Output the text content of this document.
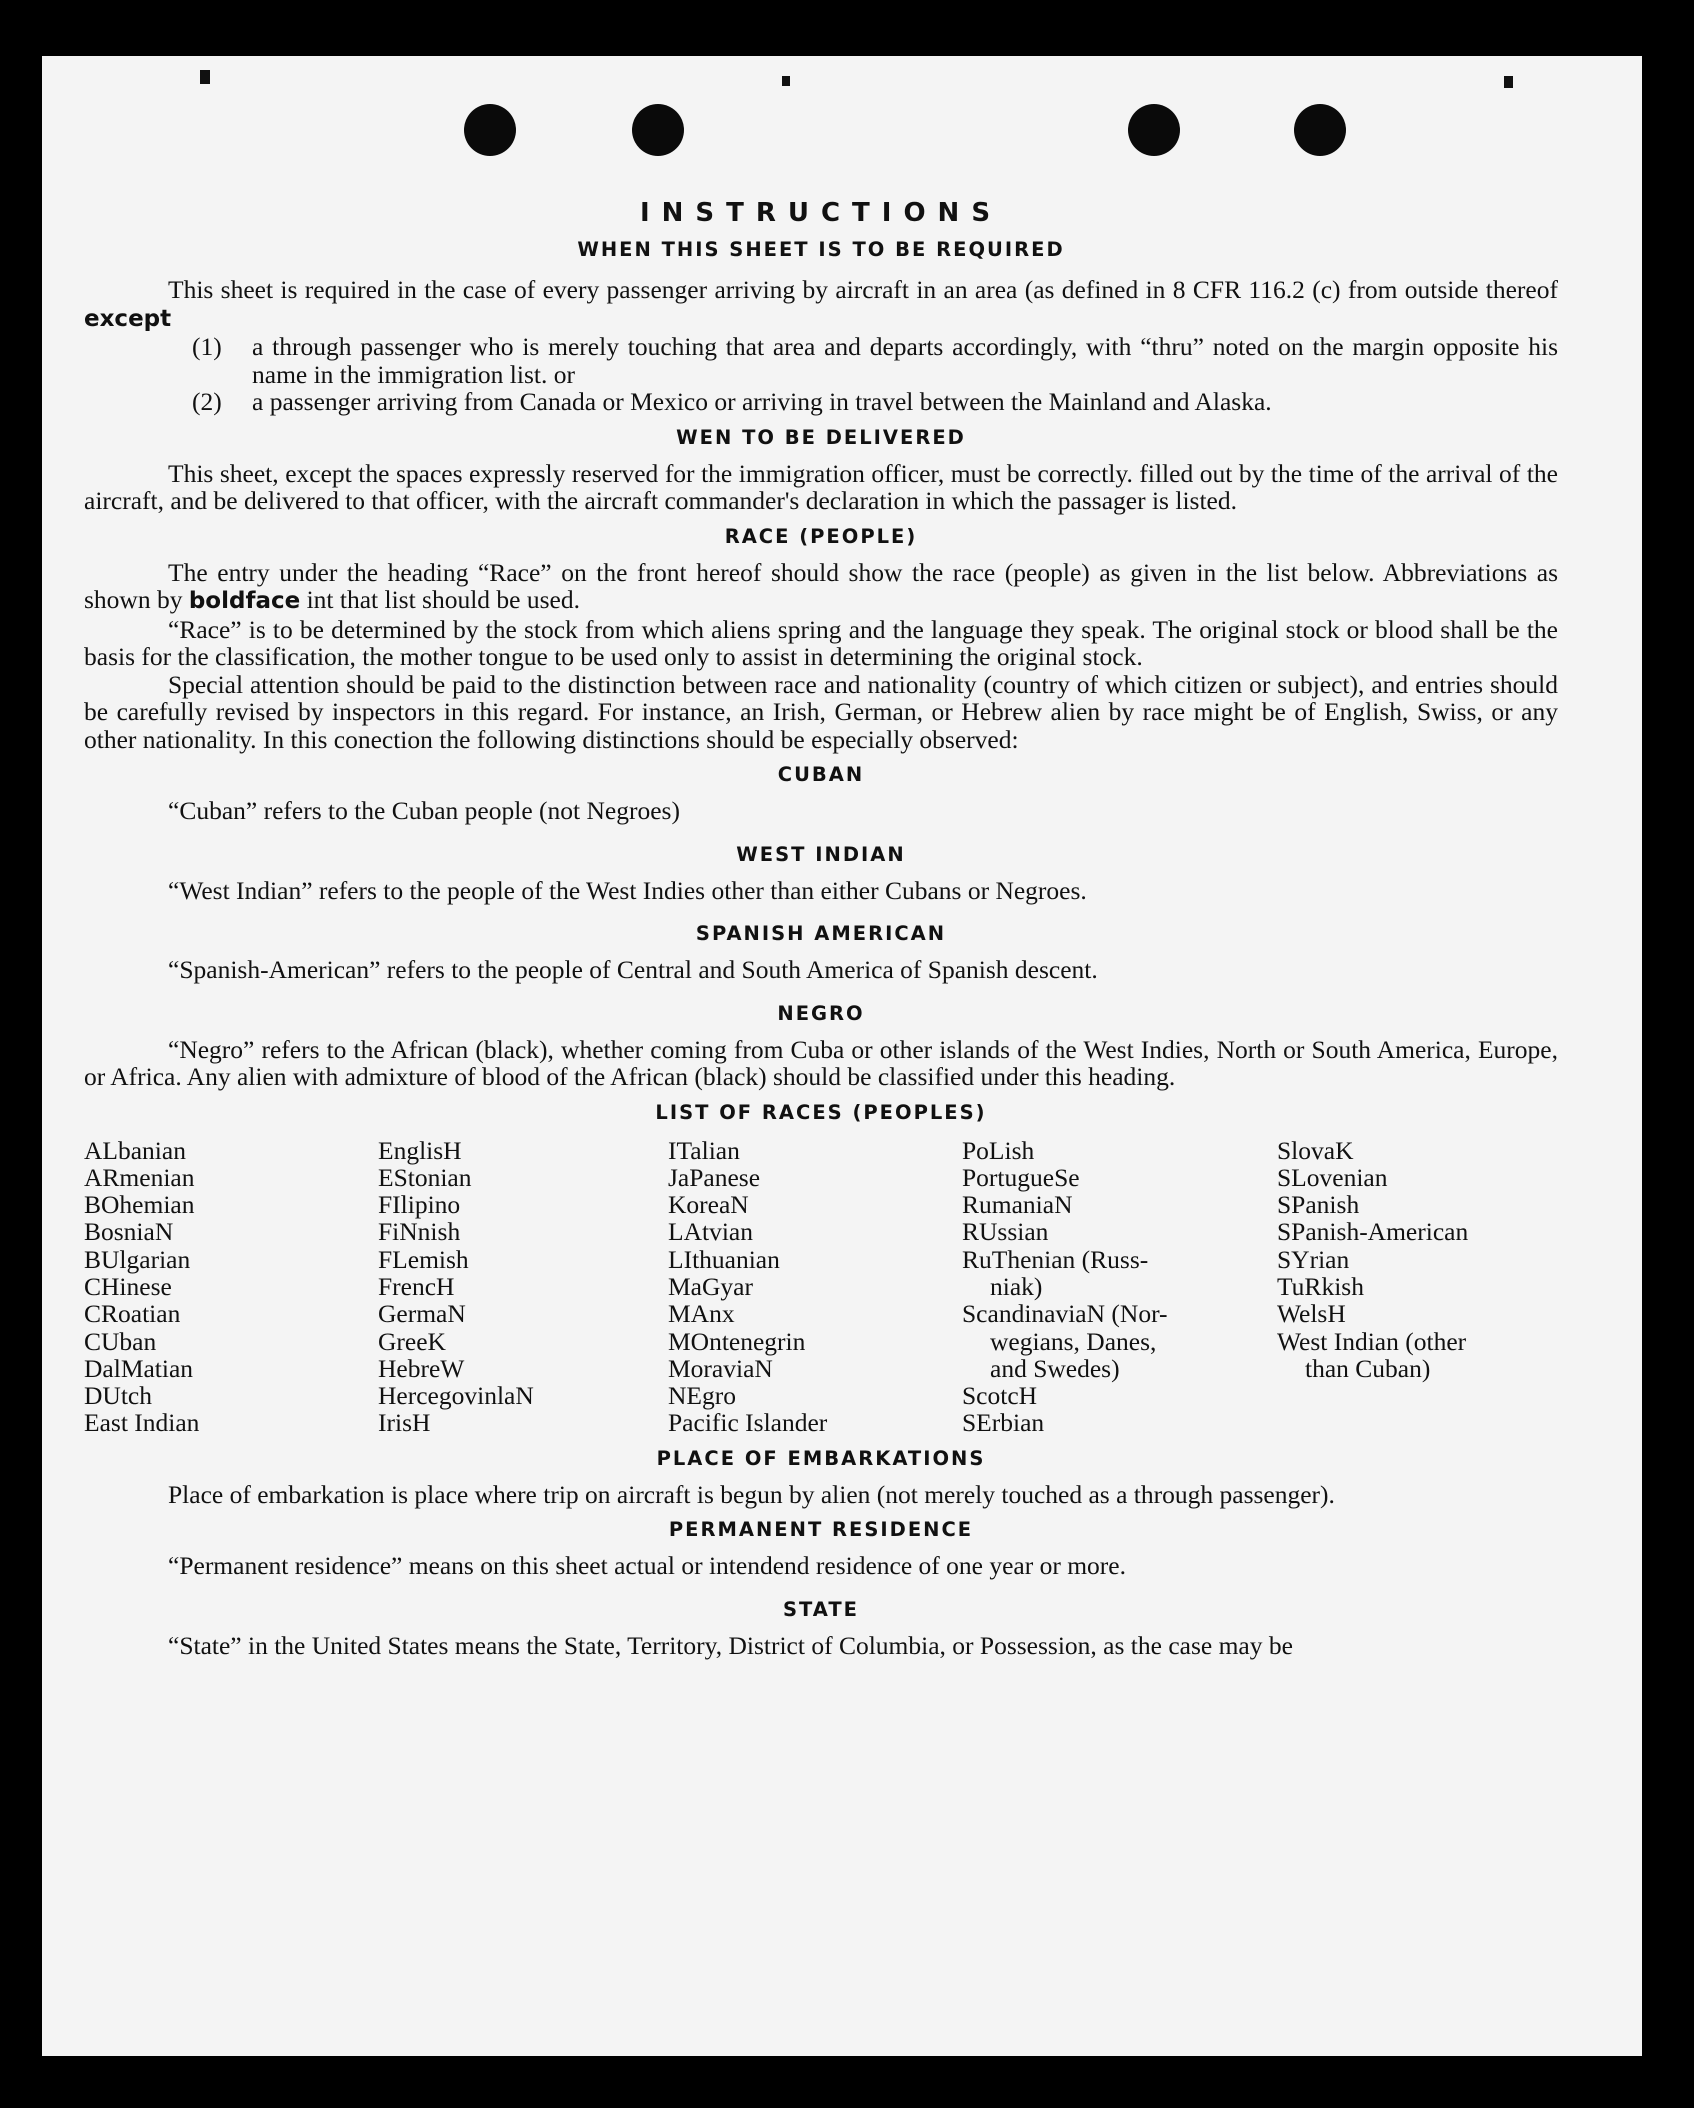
INSTRUCTIONS
WHEN THIS SHEET IS TO BE REQUIRED

This sheet is required in the case of every passenger arriving by aircraft in an area (as defined in 8 CFR 116.2 (c) from outside thereof except

(1)	a through passenger who is merely touching that area and departs accordingly, with “thru” noted on the margin opposite his name in the immigration list. or
(2)	a passenger arriving from Canada or Mexico or arriving in travel between the Mainland and Alaska.
WEN TO BE DELIVERED

This sheet, except the spaces expressly reserved for the immigration officer, must be correctly. filled out by the time of the arrival of the aircraft, and be delivered to that officer, with the aircraft commander's declaration in which the passager is listed.

RACE (PEOPLE)

The entry under the heading “Race” on the front hereof should show the race (people) as given in the list below. Abbreviations as shown by boldface int that list should be used.

“Race” is to be determined by the stock from which aliens spring and the language they speak. The original stock or blood shall be the basis for the classification, the mother tongue to be used only to assist in determining the original stock.

Special attention should be paid to the distinction between race and nationality (country of which citizen or subject), and entries should be carefully revised by inspectors in this regard. For instance, an Irish, German, or Hebrew alien by race might be of English, Swiss, or any other nationality. In this conection the following distinctions should be especially observed:

CUBAN

“Cuban” refers to the Cuban people (not Negroes)

WEST INDIAN

“West Indian” refers to the people of the West Indies other than either Cubans or Negroes.

SPANISH AMERICAN

“Spanish-American” refers to the people of Central and South America of Spanish descent.

NEGRO

“Negro” refers to the African (black), whether coming from Cuba or other islands of the West Indies, North or South America, Europe, or Africa. Any alien with admixture of blood of the African (black) should be classified under this heading.

LIST OF RACES (PEOPLES)
ALbanian
ARmenian
BOhemian
BosniaN
BUlgarian
CHinese
CRoatian
CUban
DalMatian
DUtch
East Indian
EnglisH
EStonian
FIlipino
FiNnish
FLemish
FrencH
GermaN
GreeK
HebreW
HercegovinlaN
IrisH
ITalian
JaPanese
KoreaN
LAtvian
LIthuanian
MaGyar
MAnx
MOntenegrin
MoraviaN
NEgro
Pacific Islander
PoLish
PortugueSe
RumaniaN
RUssian
RuThenian (Russ-
niak)
ScandinaviaN (Nor-
wegians, Danes,
and Swedes)
ScotcH
SErbian
SlovaK
SLovenian
SPanish
SPanish-American
SYrian
TuRkish
WelsH
West Indian (other
than Cuban)
PLACE OF EMBARKATIONS

Place of embarkation is place where trip on aircraft is begun by alien (not merely touched as a through passenger).

PERMANENT RESIDENCE

“Permanent residence” means on this sheet actual or intendend residence of one year or more.

STATE

“State” in the United States means the State, Territory, District of Columbia, or Possession, as the case may be
